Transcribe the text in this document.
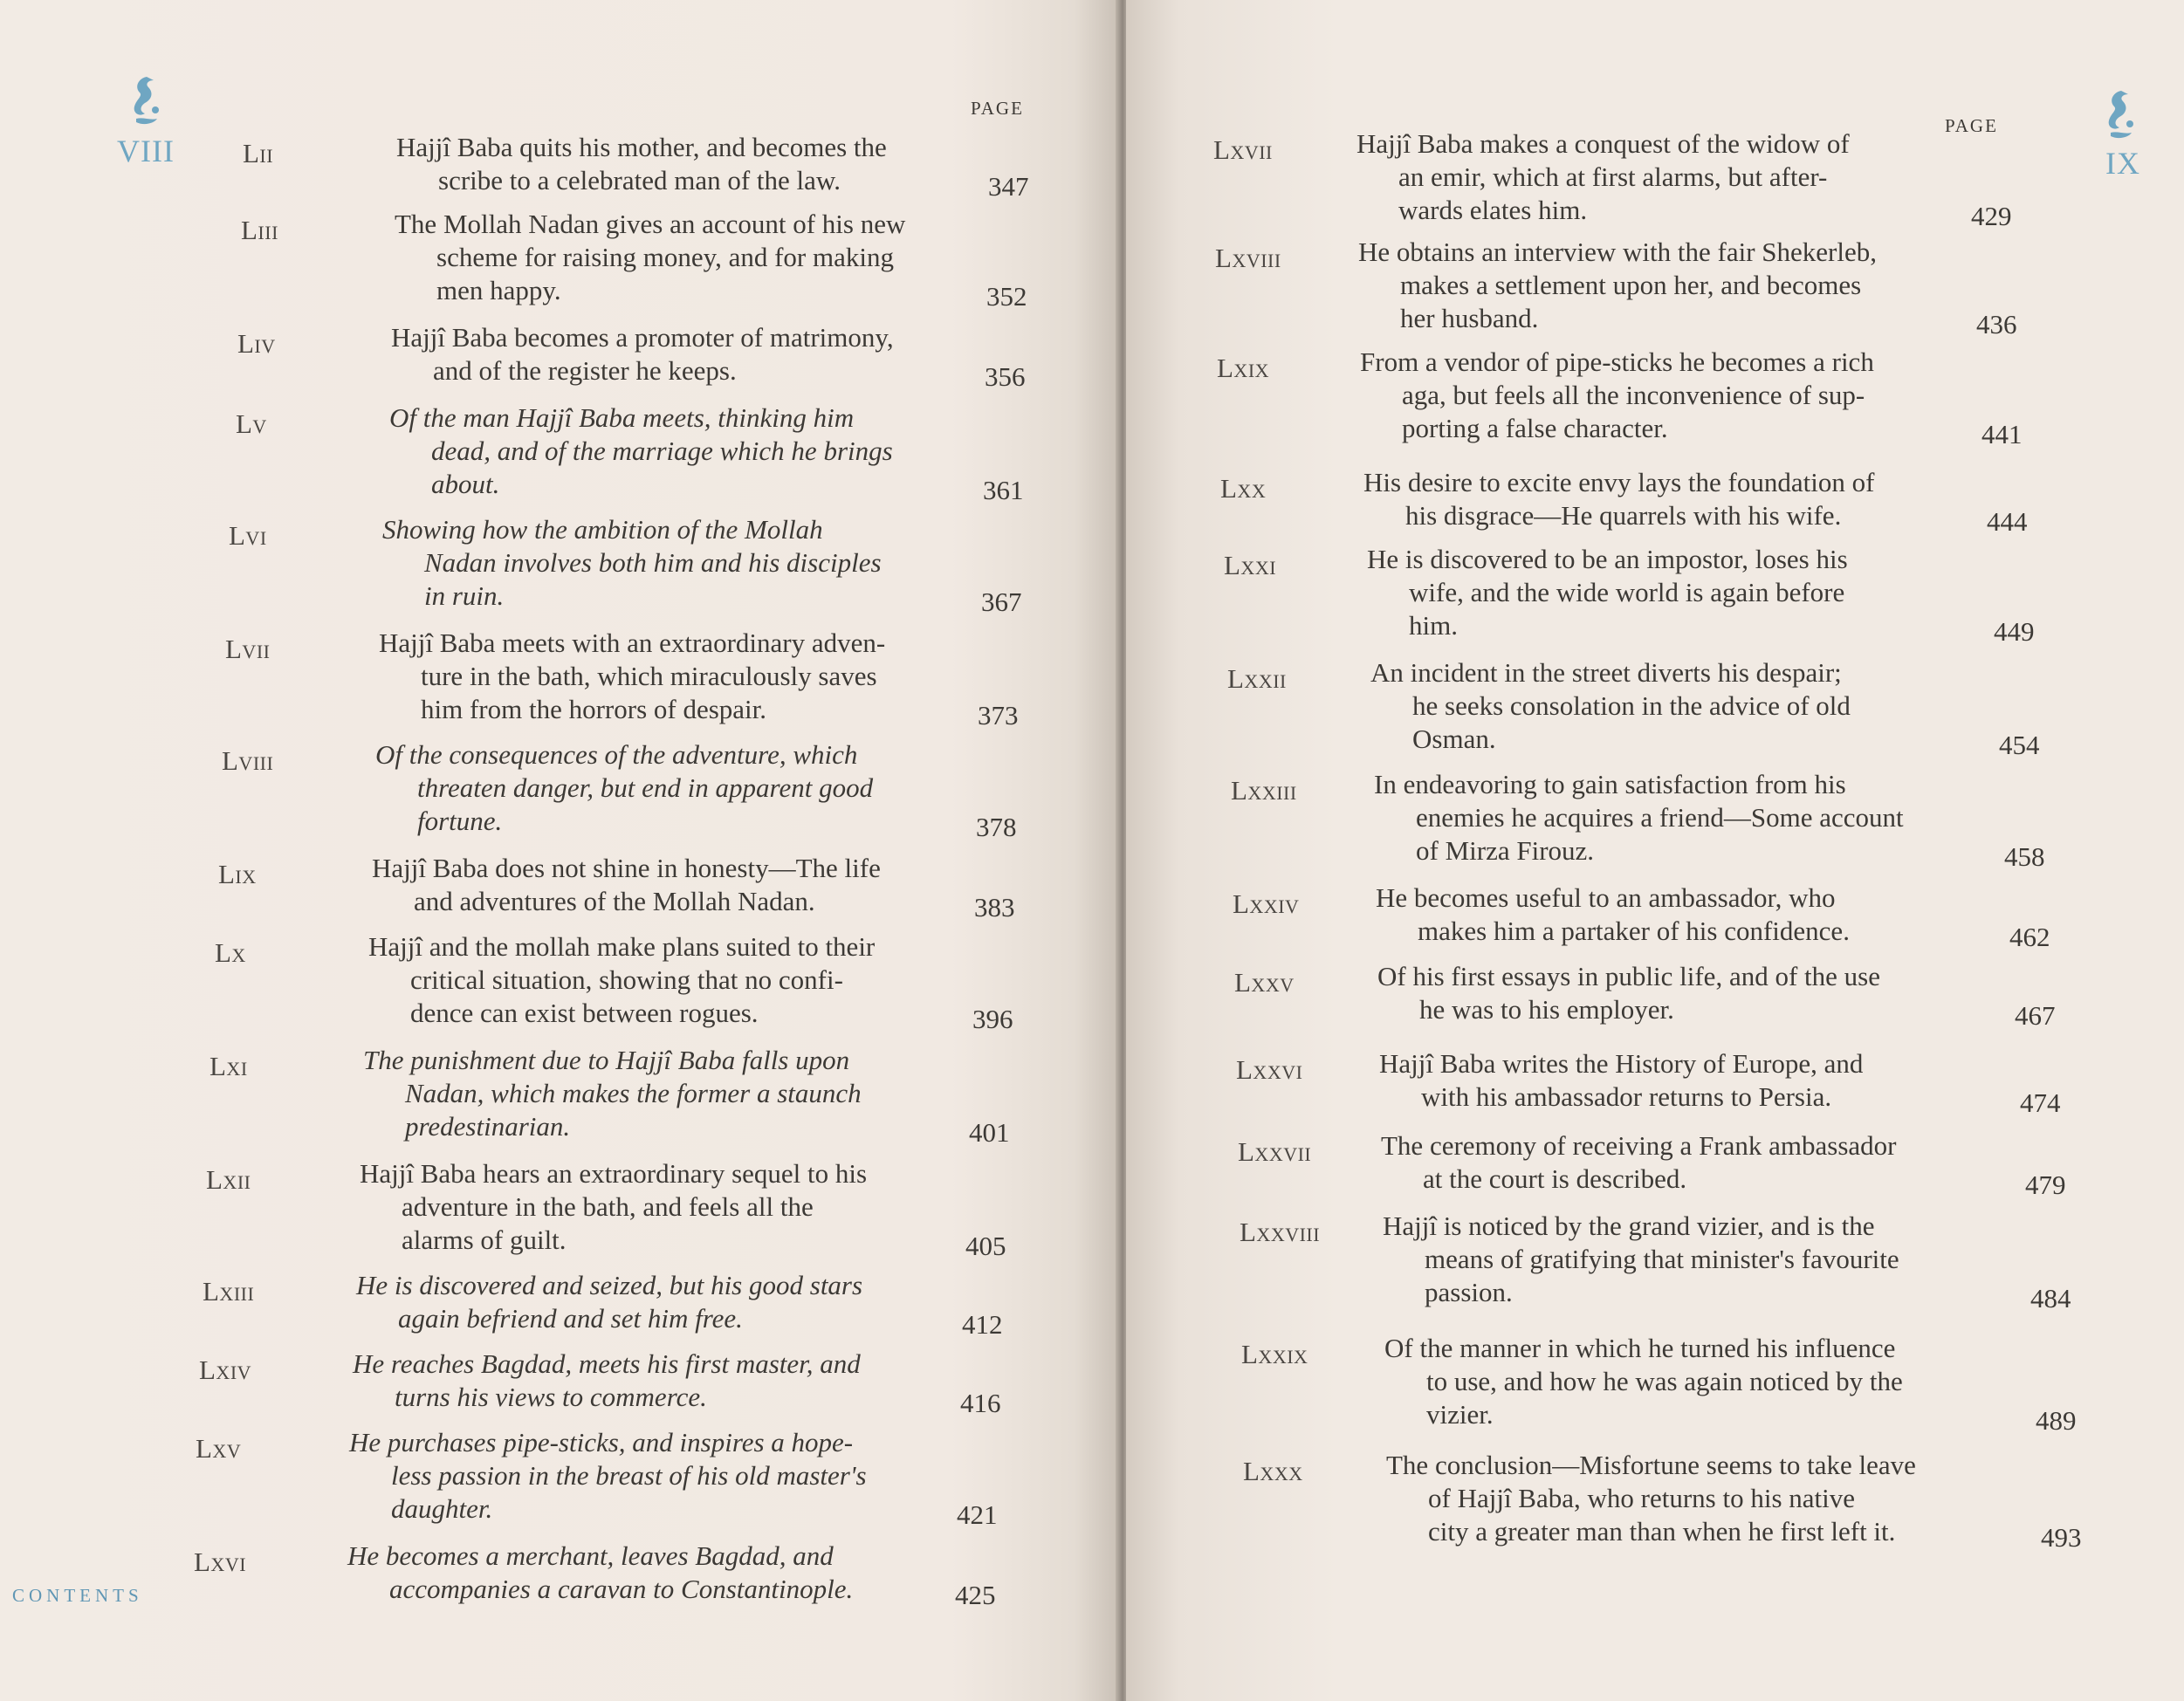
VIII
PAGE
CONTENTS
Lii	Hajjî Baba quits his mother, and becomes the
scribe to a celebrated man of the law.	347
Liii	The Mollah Nadan gives an account of his new
scheme for raising money, and for making
men happy.	352
Liv	Hajjî Baba becomes a promoter of matrimony,
and of the register he keeps.	356
Lv	Of the man Hajjî Baba meets, thinking him
dead, and of the marriage which he brings
about.	361
Lvi	Showing how the ambition of the Mollah
Nadan involves both him and his disciples
in ruin.	367
Lvii	Hajjî Baba meets with an extraordinary adven-
ture in the bath, which miraculously saves
him from the horrors of despair.	373
Lviii	Of the consequences of the adventure, which
threaten danger, but end in apparent good
fortune.	378
Lix	Hajjî Baba does not shine in honesty—The life
and adventures of the Mollah Nadan.	383
Lx	Hajjî and the mollah make plans suited to their
critical situation, showing that no confi-
dence can exist between rogues.	396
Lxi	The punishment due to Hajjî Baba falls upon
Nadan, which makes the former a staunch
predestinarian.	401
Lxii	Hajjî Baba hears an extraordinary sequel to his
adventure in the bath, and feels all the
alarms of guilt.	405
Lxiii	He is discovered and seized, but his good stars
again befriend and set him free.	412
Lxiv	He reaches Bagdad, meets his first master, and
turns his views to commerce.	416
Lxv	He purchases pipe-sticks, and inspires a hope-
less passion in the breast of his old master's
daughter.	421
Lxvi	He becomes a merchant, leaves Bagdad, and
accompanies a caravan to Constantinople.	425
IX
PAGE
Lxvii	Hajjî Baba makes a conquest of the widow of
an emir, which at first alarms, but after-
wards elates him.	429
Lxviii	He obtains an interview with the fair Shekerleb,
makes a settlement upon her, and becomes
her husband.	436
Lxix	From a vendor of pipe-sticks he becomes a rich
aga, but feels all the inconvenience of sup-
porting a false character.	441
Lxx	His desire to excite envy lays the foundation of
his disgrace—He quarrels with his wife.	444
Lxxi	He is discovered to be an impostor, loses his
wife, and the wide world is again before
him.	449
Lxxii	An incident in the street diverts his despair;
he seeks consolation in the advice of old
Osman.	454
Lxxiii	In endeavoring to gain satisfaction from his
enemies he acquires a friend—Some account
of Mirza Firouz.	458
Lxxiv	He becomes useful to an ambassador, who
makes him a partaker of his confidence.	462
Lxxv	Of his first essays in public life, and of the use
he was to his employer.	467
Lxxvi	Hajjî Baba writes the History of Europe, and
with his ambassador returns to Persia.	474
Lxxvii	The ceremony of receiving a Frank ambassador
at the court is described.	479
Lxxviii Hajjî is noticed by the grand vizier, and is the
means of gratifying that minister's favourite
passion.	484
Lxxix	Of the manner in which he turned his influence
to use, and how he was again noticed by the
vizier.	489
Lxxx	The conclusion—Misfortune seems to take leave
of Hajjî Baba, who returns to his native
city a greater man than when he first left it.	493
